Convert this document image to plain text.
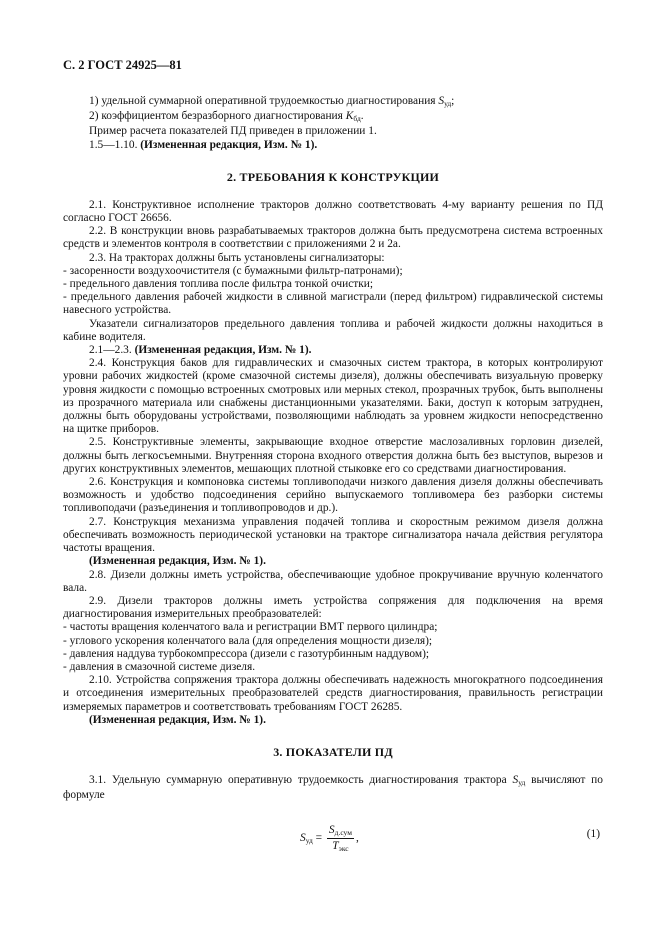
С. 2 ГОСТ 24925—81

1) удельной суммарной оперативной трудоемкостью диагностирования $S_{уд}$;

2) коэффициентом безразборного диагностирования $K_{бд}$.

Пример расчета показателей ПД приведен в приложении 1.

1.5—1.10. (Измененная редакция, Изм. № 1).

2. ТРЕБОВАНИЯ К КОНСТРУКЦИИ

2.1. Конструктивное исполнение тракторов должно соответствовать 4-му варианту решения по ПД согласно ГОСТ 26656.

2.2. В конструкции вновь разрабатываемых тракторов должна быть предусмотрена система встроенных средств и элементов контроля в соответствии с приложениями 2 и 2а.

2.3. На тракторах должны быть установлены сигнализаторы:

- засоренности воздухоочистителя (с бумажными фильтр-патронами);

- предельного давления топлива после фильтра тонкой очистки;

- предельного давления рабочей жидкости в сливной магистрали (перед фильтром) гидравлической системы навесного устройства.

Указатели сигнализаторов предельного давления топлива и рабочей жидкости должны находиться в кабине водителя.

2.1—2.3. (Измененная редакция, Изм. № 1).

2.4. Конструкция баков для гидравлических и смазочных систем трактора, в которых контролируют уровни рабочих жидкостей (кроме смазочной системы дизеля), должны обеспечивать визуальную проверку уровня жидкости с помощью встроенных смотровых или мерных стекол, прозрачных трубок, быть выполнены из прозрачного материала или снабжены дистанционными указателями. Баки, доступ к которым затруднен, должны быть оборудованы устройствами, позволяющими наблюдать за уровнем жидкости непосредственно на щитке приборов.

2.5. Конструктивные элементы, закрывающие входное отверстие маслозаливных горловин дизелей, должны быть легкосъемными. Внутренняя сторона входного отверстия должна быть без выступов, вырезов и других конструктивных элементов, мешающих плотной стыковке его со средствами диагностирования.

2.6. Конструкция и компоновка системы топливоподачи низкого давления дизеля должны обеспечивать возможность и удобство подсоединения серийно выпускаемого топливомера без разборки системы топливоподачи (разъединения и топливопроводов и др.).

2.7. Конструкция механизма управления подачей топлива и скоростным режимом дизеля должна обеспечивать возможность периодической установки на тракторе сигнализатора начала действия регулятора частоты вращения.

(Измененная редакция, Изм. № 1).

2.8. Дизели должны иметь устройства, обеспечивающие удобное прокручивание вручную коленчатого вала.

2.9. Дизели тракторов должны иметь устройства сопряжения для подключения на время диагностирования измерительных преобразователей:

- частоты вращения коленчатого вала и регистрации ВМТ первого цилиндра;

- углового ускорения коленчатого вала (для определения мощности дизеля);

- давления наддува турбокомпрессора (дизели с газотурбинным наддувом);

- давления в смазочной системе дизеля.

2.10. Устройства сопряжения трактора должны обеспечивать надежность многократного подсоединения и отсоединения измерительных преобразователей средств диагностирования, правильность регистрации измеряемых параметров и соответствовать требованиям ГОСТ 26285.

(Измененная редакция, Изм. № 1).

3. ПОКАЗАТЕЛИ ПД

3.1. Удельную суммарную оперативную трудоемкость диагностирования трактора $S_{уд}$ вычисляют по формуле

$S_{уд} = \frac{S_{д.сум}}{T_{экс}}$ ,	(1)
